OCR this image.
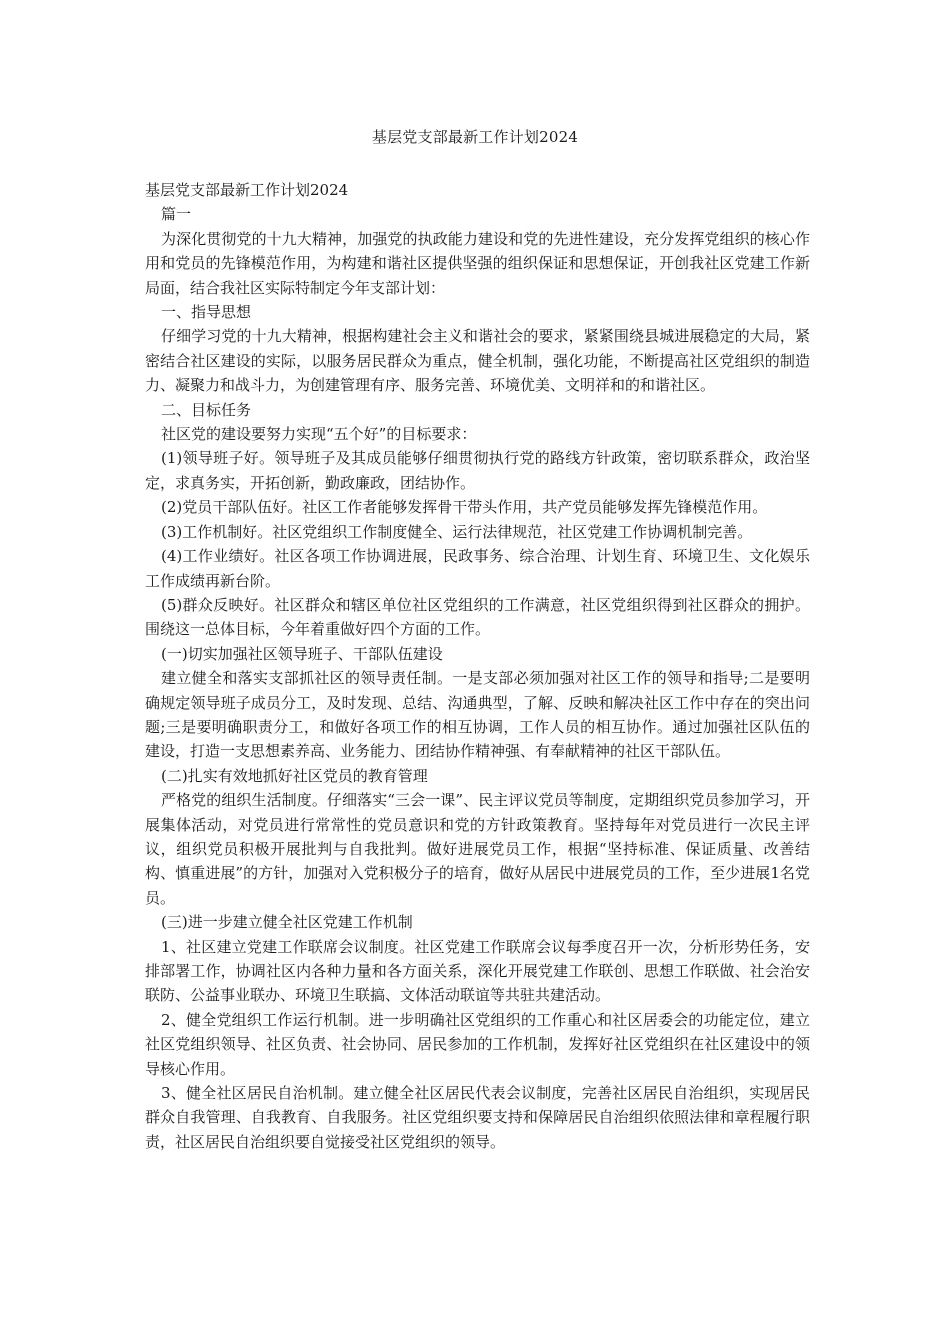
基层党支部最新工作计划2024

基层党支部最新工作计划2024

篇一

为深化贯彻党的十九大精神，加强党的执政能力建设和党的先进性建设，充分发挥党组织的核心作用和党员的先锋模范作用，为构建和谐社区提供坚强的组织保证和思想保证，开创我社区党建工作新局面，结合我社区实际特制定今年支部计划：

一、指导思想

仔细学习党的十九大精神，根据构建社会主义和谐社会的要求，紧紧围绕县城进展稳定的大局，紧密结合社区建设的实际，以服务居民群众为重点，健全机制，强化功能，不断提高社区党组织的制造力、凝聚力和战斗力，为创建管理有序、服务完善、环境优美、文明祥和的和谐社区。

二、目标任务

社区党的建设要努力实现“五个好”的目标要求：

(1)领导班子好。领导班子及其成员能够仔细贯彻执行党的路线方针政策，密切联系群众，政治坚定，求真务实，开拓创新，勤政廉政，团结协作。

(2)党员干部队伍好。社区工作者能够发挥骨干带头作用，共产党员能够发挥先锋模范作用。

(3)工作机制好。社区党组织工作制度健全、运行法律规范，社区党建工作协调机制完善。

(4)工作业绩好。社区各项工作协调进展，民政事务、综合治理、计划生育、环境卫生、文化娱乐工作成绩再新台阶。

(5)群众反映好。社区群众和辖区单位社区党组织的工作满意，社区党组织得到社区群众的拥护。围绕这一总体目标，今年着重做好四个方面的工作。

(一)切实加强社区领导班子、干部队伍建设

建立健全和落实支部抓社区的领导责任制。一是支部必须加强对社区工作的领导和指导;二是要明确规定领导班子成员分工，及时发现、总结、沟通典型，了解、反映和解决社区工作中存在的突出问题;三是要明确职责分工，和做好各项工作的相互协调，工作人员的相互协作。通过加强社区队伍的建设，打造一支思想素养高、业务能力、团结协作精神强、有奉献精神的社区干部队伍。

(二)扎实有效地抓好社区党员的教育管理

严格党的组织生活制度。仔细落实“三会一课”、民主评议党员等制度，定期组织党员参加学习，开展集体活动，对党员进行常常性的党员意识和党的方针政策教育。坚持每年对党员进行一次民主评议，组织党员积极开展批判与自我批判。做好进展党员工作，根据“坚持标准、保证质量、改善结构、慎重进展”的方针，加强对入党积极分子的培育，做好从居民中进展党员的工作，至少进展1名党员。

(三)进一步建立健全社区党建工作机制

1、社区建立党建工作联席会议制度。社区党建工作联席会议每季度召开一次，分析形势任务，安排部署工作，协调社区内各种力量和各方面关系，深化开展党建工作联创、思想工作联做、社会治安联防、公益事业联办、环境卫生联搞、文体活动联谊等共驻共建活动。

2、健全党组织工作运行机制。进一步明确社区党组织的工作重心和社区居委会的功能定位，建立社区党组织领导、社区负责、社会协同、居民参加的工作机制，发挥好社区党组织在社区建设中的领导核心作用。

3、健全社区居民自治机制。建立健全社区居民代表会议制度，完善社区居民自治组织，实现居民群众自我管理、自我教育、自我服务。社区党组织要支持和保障居民自治组织依照法律和章程履行职责，社区居民自治组织要自觉接受社区党组织的领导。
